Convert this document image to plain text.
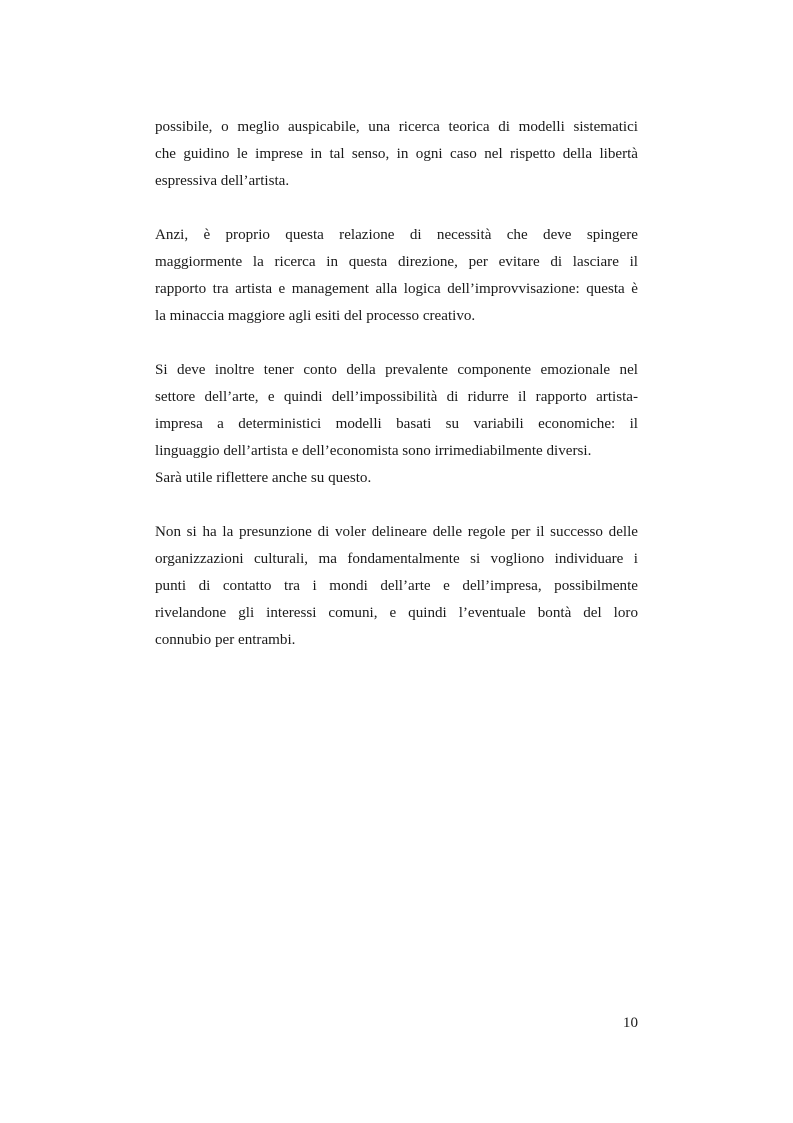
possibile, o meglio auspicabile, una ricerca teorica di modelli sistematici
che guidino le imprese in tal senso, in ogni caso nel rispetto della libertà
espressiva dell’artista.

Anzi, è proprio questa relazione di necessità che deve spingere
maggiormente la ricerca in questa direzione, per evitare di lasciare il
rapporto tra artista e management alla logica dell’improvvisazione: questa è
la minaccia maggiore agli esiti del processo creativo.

Si deve inoltre tener conto della prevalente componente emozionale nel
settore dell’arte, e quindi dell’impossibilità di ridurre il rapporto artista-
impresa a deterministici modelli basati su variabili economiche: il
linguaggio dell’artista e dell’economista sono irrimediabilmente diversi.
Sarà utile riflettere anche su questo.

Non si ha la presunzione di voler delineare delle regole per il successo delle
organizzazioni culturali, ma fondamentalmente si vogliono individuare i
punti di contatto tra i mondi dell’arte e dell’impresa, possibilmente
rivelandone gli interessi comuni, e quindi l’eventuale bontà del loro
connubio per entrambi.

10
